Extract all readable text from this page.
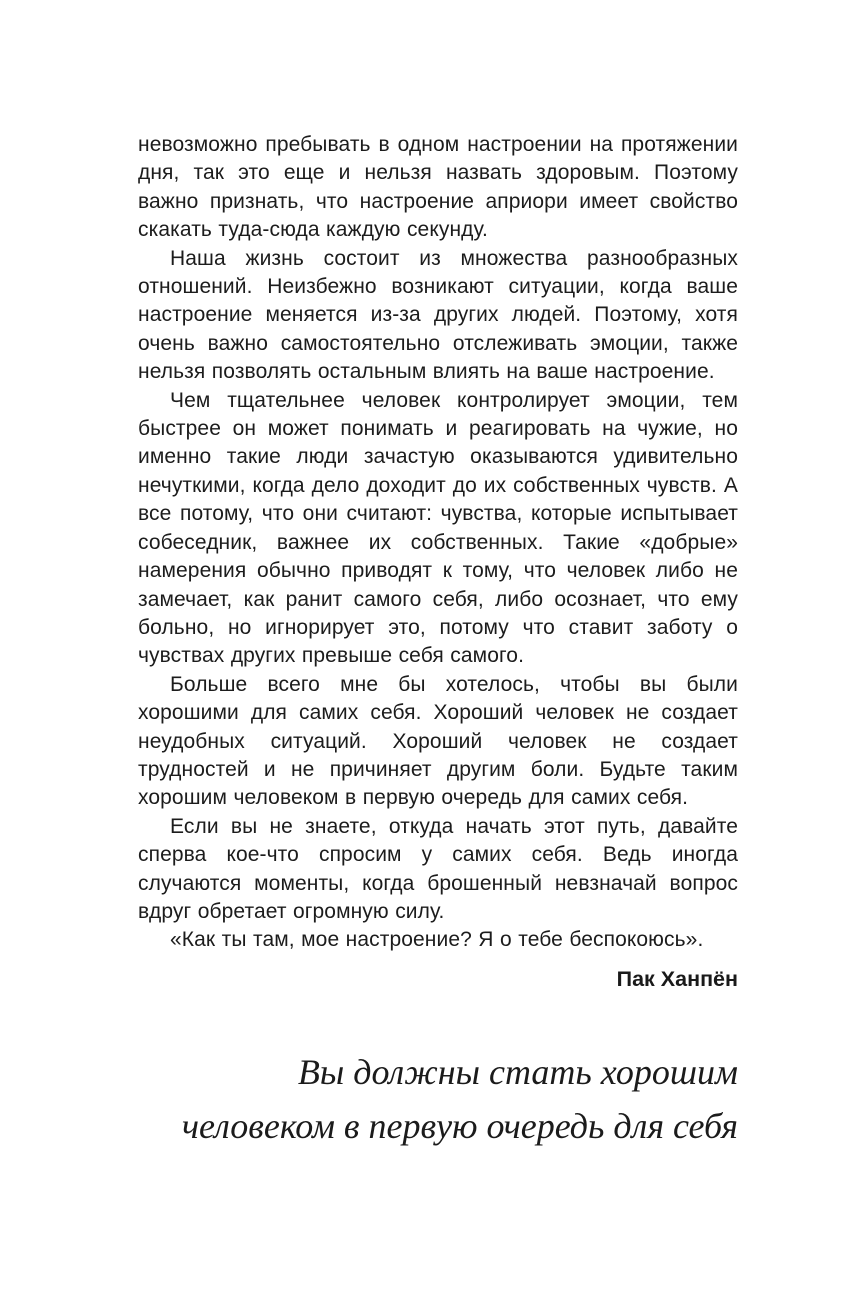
невозможно пребывать в одном настроении на протяжении дня, так это еще и нельзя назвать здоровым. Поэтому важно признать, что настроение априори имеет свойство скакать туда-сюда каждую секунду.

Наша жизнь состоит из множества разнообразных отношений. Неизбежно возникают ситуации, когда ваше настроение меняется из-за других людей. Поэтому, хотя очень важно самостоятельно отслеживать эмоции, также нельзя позволять остальным влиять на ваше настроение.

Чем тщательнее человек контролирует эмоции, тем быстрее он может понимать и реагировать на чужие, но именно такие люди зачастую оказываются удивительно нечуткими, когда дело доходит до их собственных чувств. А все потому, что они считают: чувства, которые испытывает собеседник, важнее их собственных. Такие «добрые» намерения обычно приводят к тому, что человек либо не замечает, как ранит самого себя, либо осознает, что ему больно, но игнорирует это, потому что ставит заботу о чувствах других превыше себя самого.

Больше всего мне бы хотелось, чтобы вы были хорошими для самих себя. Хороший человек не создает неудобных ситуаций. Хороший человек не создает трудностей и не причиняет другим боли. Будьте таким хорошим человеком в первую очередь для самих себя.

Если вы не знаете, откуда начать этот путь, давайте сперва кое-что спросим у самих себя. Ведь иногда случаются моменты, когда брошенный невзначай вопрос вдруг обретает огромную силу.

«Как ты там, мое настроение? Я о тебе беспокоюсь».

Пак Ханпён
Вы должны стать хорошим
человеком в первую очередь для себя
